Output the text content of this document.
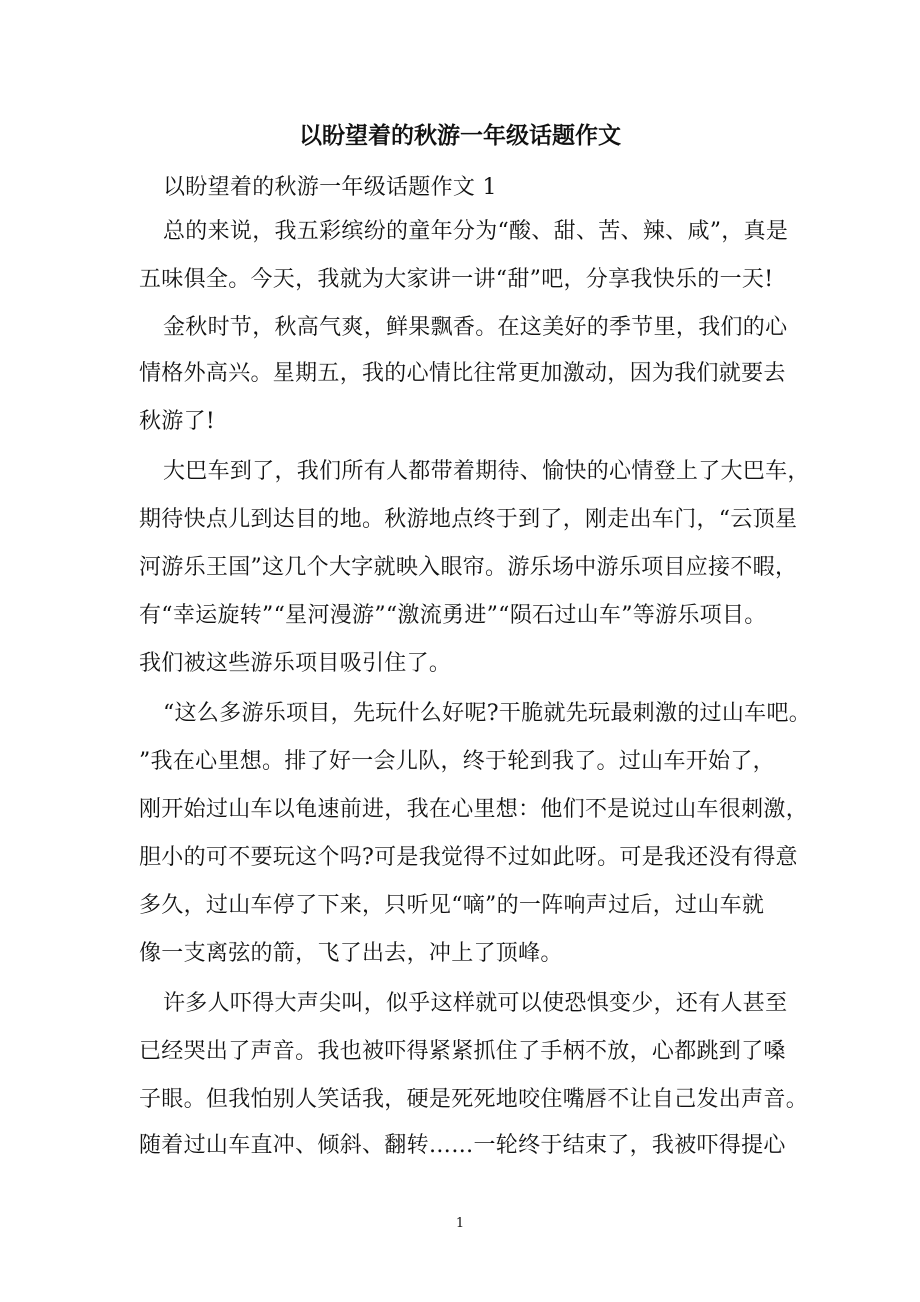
以盼望着的秋游一年级话题作文
以盼望着的秋游一年级话题作文 1
总的来说，我五彩缤纷的童年分为“酸、甜、苦、辣、咸”，真是
五味俱全。今天，我就为大家讲一讲“甜”吧，分享我快乐的一天!
金秋时节，秋高气爽，鲜果飘香。在这美好的季节里，我们的心
情格外高兴。星期五，我的心情比往常更加激动，因为我们就要去
秋游了!
大巴车到了，我们所有人都带着期待、愉快的心情登上了大巴车，
期待快点儿到达目的地。秋游地点终于到了，刚走出车门，“云顶星
河游乐王国”这几个大字就映入眼帘。游乐场中游乐项目应接不暇，
有“幸运旋转”“星河漫游”“激流勇进”“陨石过山车”等游乐项目。
我们被这些游乐项目吸引住了。
“这么多游乐项目，先玩什么好呢?干脆就先玩最刺激的过山车吧。
”我在心里想。排了好一会儿队，终于轮到我了。过山车开始了，
刚开始过山车以龟速前进，我在心里想：他们不是说过山车很刺激，
胆小的可不要玩这个吗?可是我觉得不过如此呀。可是我还没有得意
多久，过山车停了下来，只听见“嘀”的一阵响声过后，过山车就
像一支离弦的箭，飞了出去，冲上了顶峰。
许多人吓得大声尖叫，似乎这样就可以使恐惧变少，还有人甚至
已经哭出了声音。我也被吓得紧紧抓住了手柄不放，心都跳到了嗓
子眼。但我怕别人笑话我，硬是死死地咬住嘴唇不让自己发出声音。
随着过山车直冲、倾斜、翻转……一轮终于结束了，我被吓得提心
1
